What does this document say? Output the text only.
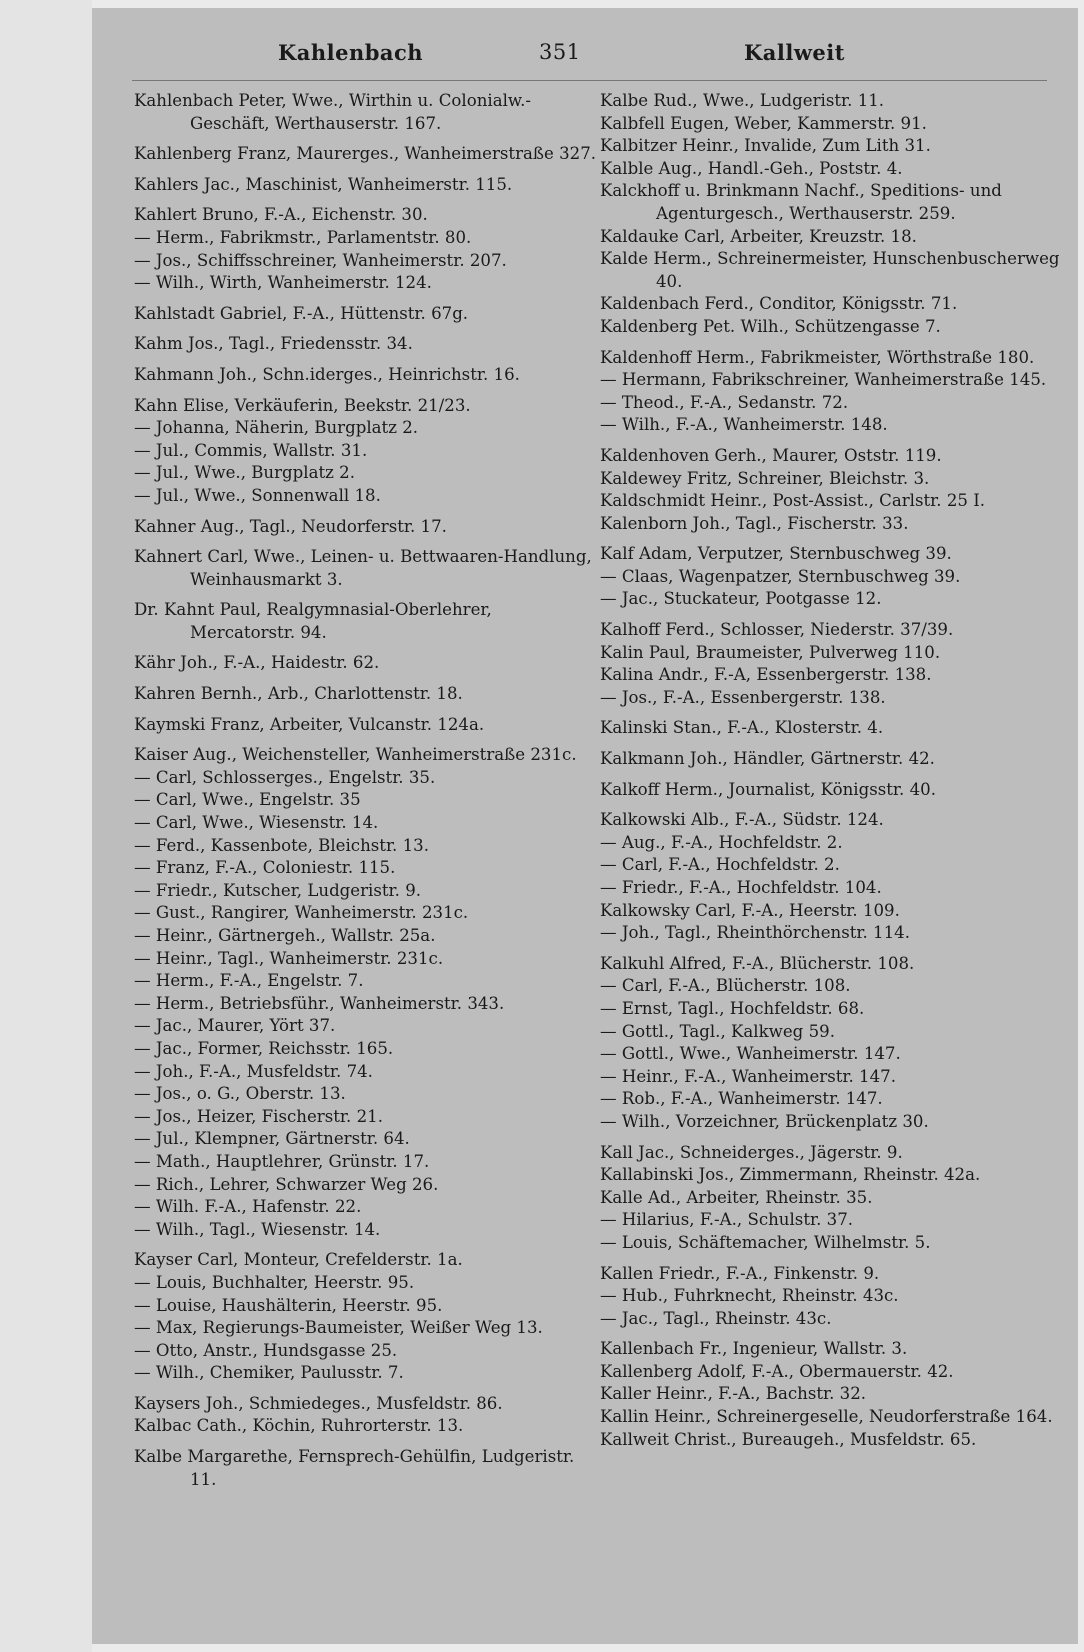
Kahlenbach	351	Kallweit

Kahlenbach Peter, Wwe., Wirthin u. Colonialw.-Geschäft, Werthauserstr. 167.

Kahlenberg Franz, Maurerges., Wanheimerstraße 327.

Kahlers Jac., Maschinist, Wanheimerstr. 115.

Kahlert Bruno, F.-A., Eichenstr. 30.

— Herm., Fabrikmstr., Parlamentstr. 80.

— Jos., Schiffsschreiner, Wanheimerstr. 207.

— Wilh., Wirth, Wanheimerstr. 124.

Kahlstadt Gabriel, F.-A., Hüttenstr. 67g.

Kahm Jos., Tagl., Friedensstr. 34.

Kahmann Joh., Schn.iderges., Heinrichstr. 16.

Kahn Elise, Verkäuferin, Beekstr. 21/23.

— Johanna, Näherin, Burgplatz 2.

— Jul., Commis, Wallstr. 31.

— Jul., Wwe., Burgplatz 2.

— Jul., Wwe., Sonnenwall 18.

Kahner Aug., Tagl., Neudorferstr. 17.

Kahnert Carl, Wwe., Leinen- u. Bettwaaren-Handlung, Weinhausmarkt 3.

Dr. Kahnt Paul, Realgymnasial-Oberlehrer, Mercatorstr. 94.

Kähr Joh., F.-A., Haidestr. 62.

Kahren Bernh., Arb., Charlottenstr. 18.

Kaymski Franz, Arbeiter, Vulcanstr. 124a.

Kaiser Aug., Weichensteller, Wanheimerstraße 231c.

— Carl, Schlosserges., Engelstr. 35.

— Carl, Wwe., Engelstr. 35

— Carl, Wwe., Wiesenstr. 14.

— Ferd., Kassenbote, Bleichstr. 13.

— Franz, F.-A., Coloniestr. 115.

— Friedr., Kutscher, Ludgeristr. 9.

— Gust., Rangirer, Wanheimerstr. 231c.

— Heinr., Gärtnergeh., Wallstr. 25a.

— Heinr., Tagl., Wanheimerstr. 231c.

— Herm., F.-A., Engelstr. 7.

— Herm., Betriebsführ., Wanheimerstr. 343.

— Jac., Maurer, Yört 37.

— Jac., Former, Reichsstr. 165.

— Joh., F.-A., Musfeldstr. 74.

— Jos., o. G., Oberstr. 13.

— Jos., Heizer, Fischerstr. 21.

— Jul., Klempner, Gärtnerstr. 64.

— Math., Hauptlehrer, Grünstr. 17.

— Rich., Lehrer, Schwarzer Weg 26.

— Wilh. F.-A., Hafenstr. 22.

— Wilh., Tagl., Wiesenstr. 14.

Kayser Carl, Monteur, Crefelderstr. 1a.

— Louis, Buchhalter, Heerstr. 95.

— Louise, Haushälterin, Heerstr. 95.

— Max, Regierungs-Baumeister, Weißer Weg 13.

— Otto, Anstr., Hundsgasse 25.

— Wilh., Chemiker, Paulusstr. 7.

Kaysers Joh., Schmiedeges., Musfeldstr. 86.

Kalbac Cath., Köchin, Ruhrorterstr. 13.

Kalbe Margarethe, Fernsprech-Gehülfin, Ludgeristr. 11.

Kalbe Rud., Wwe., Ludgeristr. 11.

Kalbfell Eugen, Weber, Kammerstr. 91.

Kalbitzer Heinr., Invalide, Zum Lith 31.

Kalble Aug., Handl.-Geh., Poststr. 4.

Kalckhoff u. Brinkmann Nachf., Speditions- und Agenturgesch., Werthauserstr. 259.

Kaldauke Carl, Arbeiter, Kreuzstr. 18.

Kalde Herm., Schreinermeister, Hunschenbuscherweg 40.

Kaldenbach Ferd., Conditor, Königsstr. 71.

Kaldenberg Pet. Wilh., Schützengasse 7.

Kaldenhoff Herm., Fabrikmeister, Wörthstraße 180.

— Hermann, Fabrikschreiner, Wanheimerstraße 145.

— Theod., F.-A., Sedanstr. 72.

— Wilh., F.-A., Wanheimerstr. 148.

Kaldenhoven Gerh., Maurer, Oststr. 119.

Kaldewey Fritz, Schreiner, Bleichstr. 3.

Kaldschmidt Heinr., Post-Assist., Carlstr. 25 I.

Kalenborn Joh., Tagl., Fischerstr. 33.

Kalf Adam, Verputzer, Sternbuschweg 39.

— Claas, Wagenpatzer, Sternbuschweg 39.

— Jac., Stuckateur, Pootgasse 12.

Kalhoff Ferd., Schlosser, Niederstr. 37/39.

Kalin Paul, Braumeister, Pulverweg 110.

Kalina Andr., F.-A, Essenbergerstr. 138.

— Jos., F.-A., Essenbergerstr. 138.

Kalinski Stan., F.-A., Klosterstr. 4.

Kalkmann Joh., Händler, Gärtnerstr. 42.

Kalkoff Herm., Journalist, Königsstr. 40.

Kalkowski Alb., F.-A., Südstr. 124.

— Aug., F.-A., Hochfeldstr. 2.

— Carl, F.-A., Hochfeldstr. 2.

— Friedr., F.-A., Hochfeldstr. 104.

Kalkowsky Carl, F.-A., Heerstr. 109.

— Joh., Tagl., Rheinthörchenstr. 114.

Kalkuhl Alfred, F.-A., Blücherstr. 108.

— Carl, F.-A., Blücherstr. 108.

— Ernst, Tagl., Hochfeldstr. 68.

— Gottl., Tagl., Kalkweg 59.

— Gottl., Wwe., Wanheimerstr. 147.

— Heinr., F.-A., Wanheimerstr. 147.

— Rob., F.-A., Wanheimerstr. 147.

— Wilh., Vorzeichner, Brückenplatz 30.

Kall Jac., Schneiderges., Jägerstr. 9.

Kallabinski Jos., Zimmermann, Rheinstr. 42a.

Kalle Ad., Arbeiter, Rheinstr. 35.

— Hilarius, F.-A., Schulstr. 37.

— Louis, Schäftemacher, Wilhelmstr. 5.

Kallen Friedr., F.-A., Finkenstr. 9.

— Hub., Fuhrknecht, Rheinstr. 43c.

— Jac., Tagl., Rheinstr. 43c.

Kallenbach Fr., Ingenieur, Wallstr. 3.

Kallenberg Adolf, F.-A., Obermauerstr. 42.

Kaller Heinr., F.-A., Bachstr. 32.

Kallin Heinr., Schreinergeselle, Neudorferstraße 164.

Kallweit Christ., Bureaugeh., Musfeldstr. 65.
